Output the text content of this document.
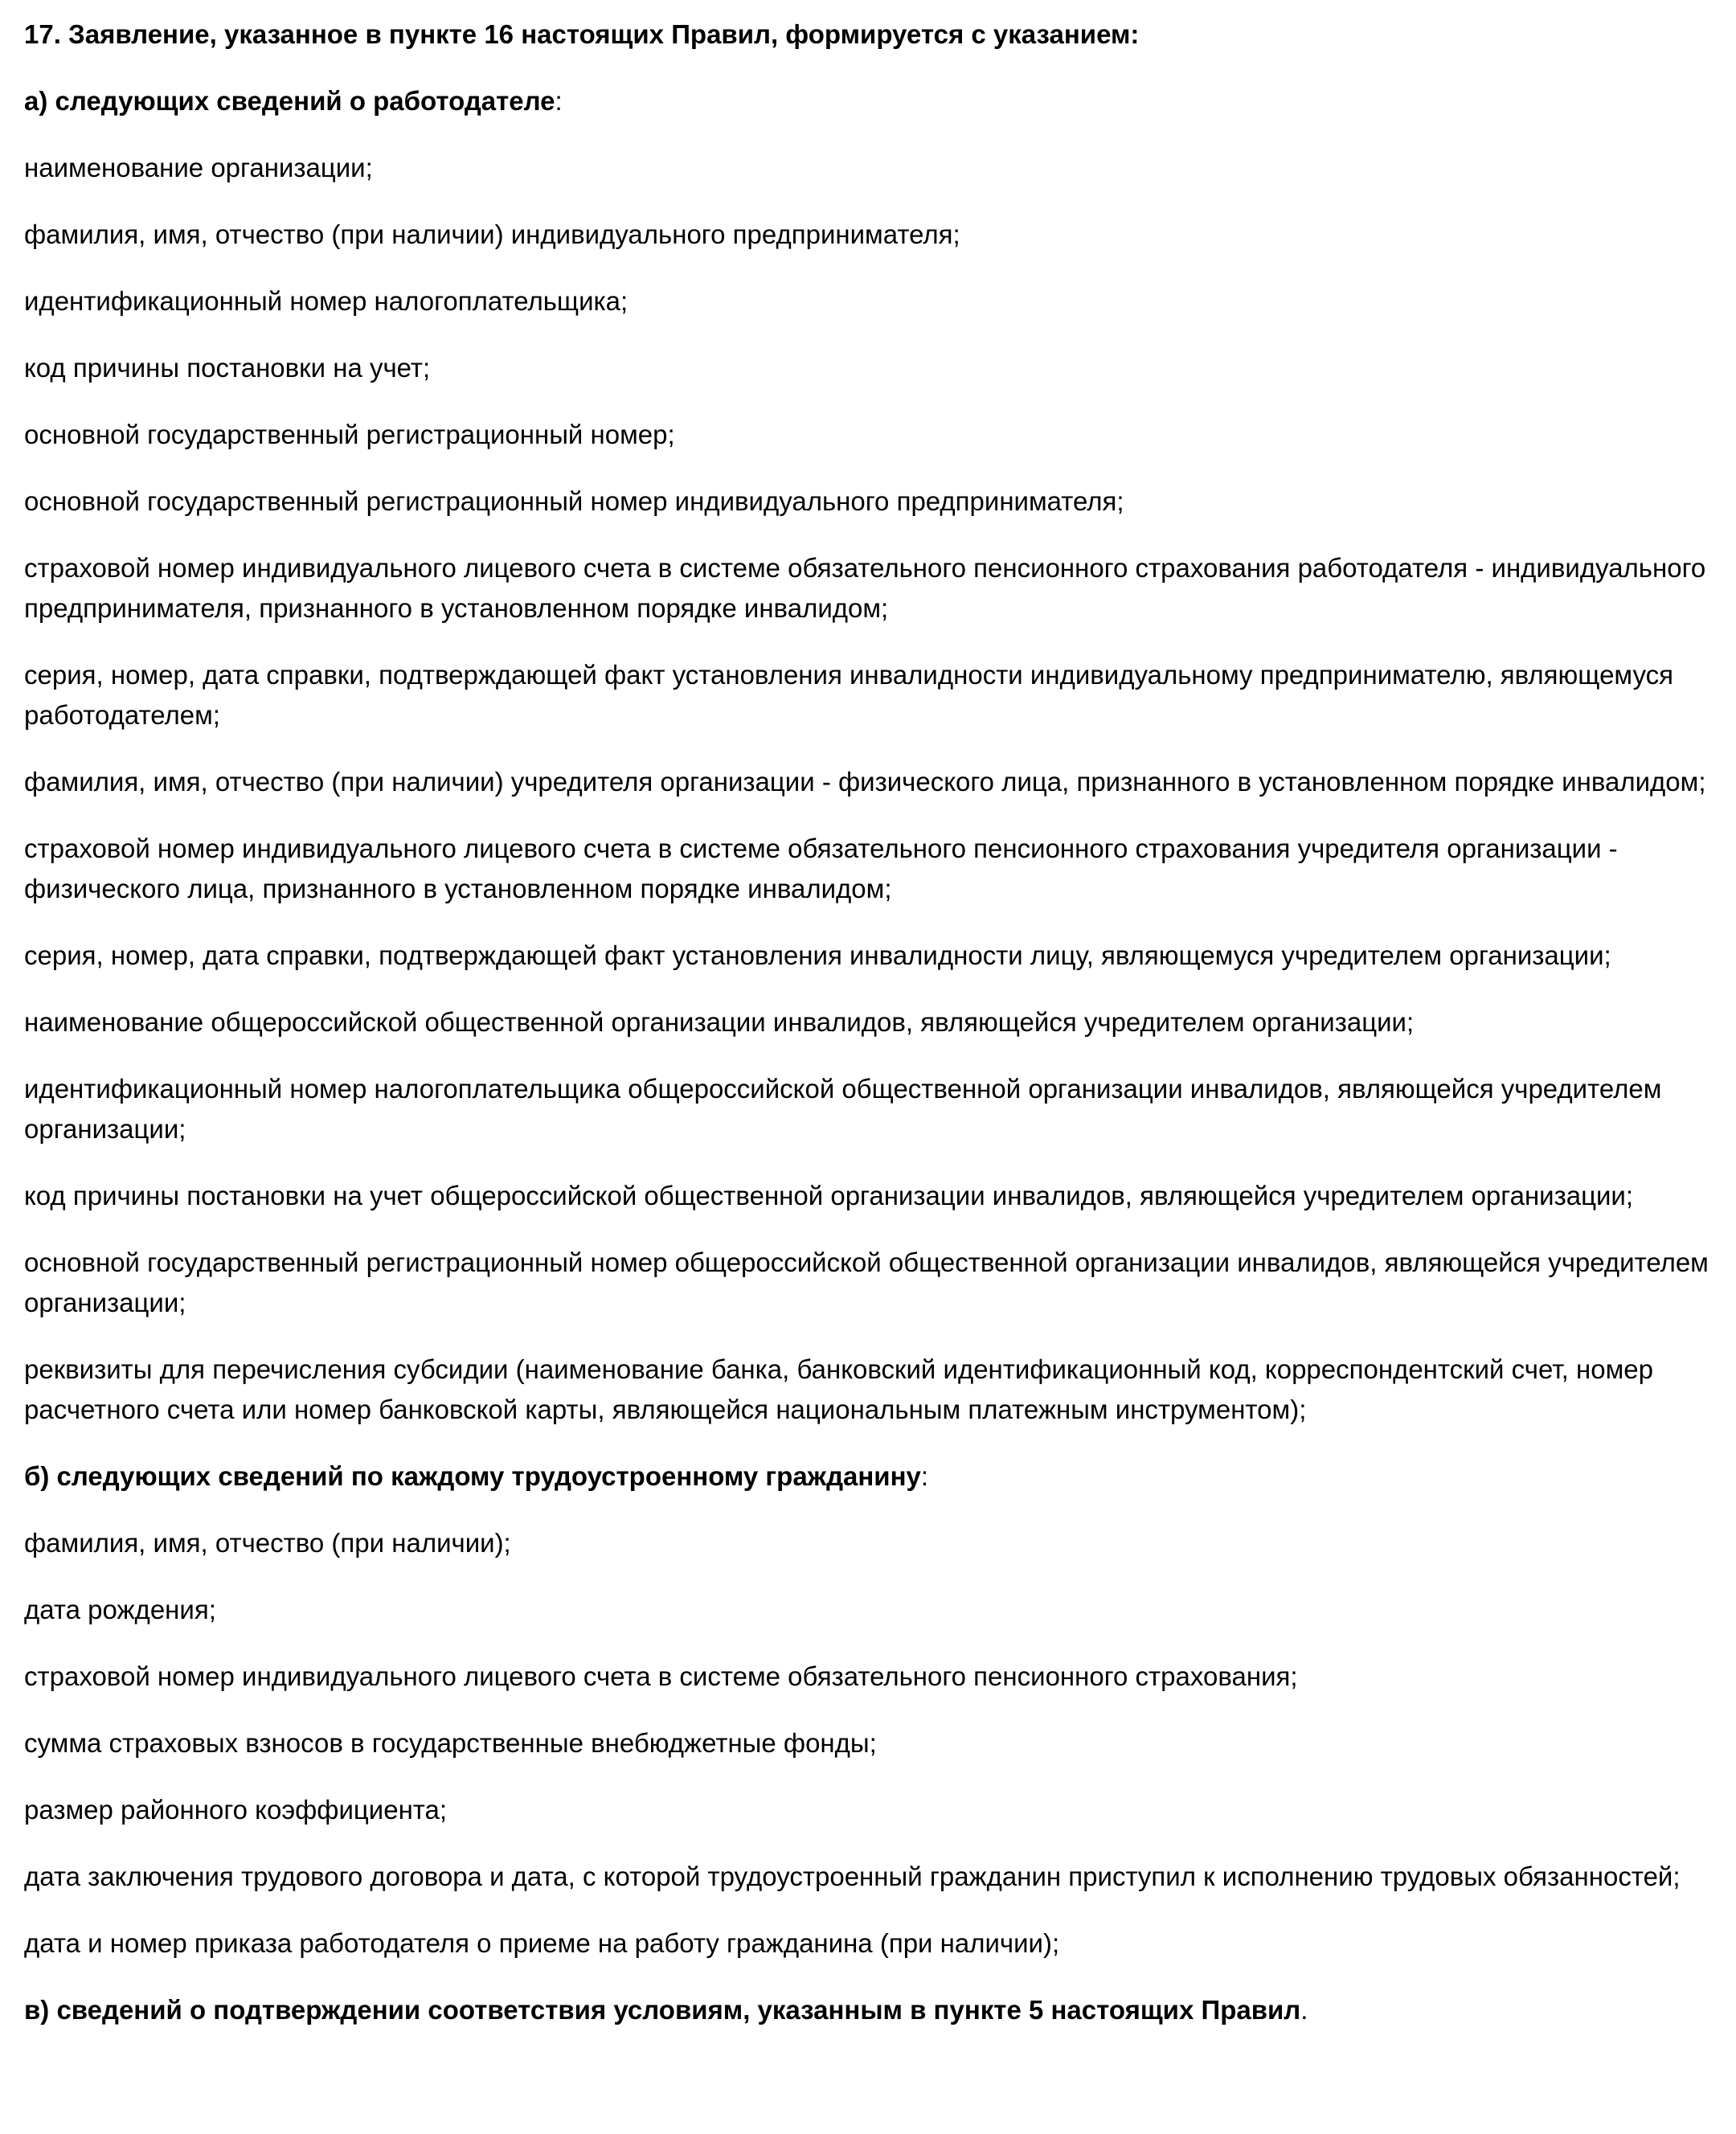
17. Заявление, указанное в пункте 16 настоящих Правил, формируется с указанием:

а) следующих сведений о работодателе:

наименование организации;

фамилия, имя, отчество (при наличии) индивидуального предпринимателя;

идентификационный номер налогоплательщика;

код причины постановки на учет;

основной государственный регистрационный номер;

основной государственный регистрационный номер индивидуального предпринимателя;

страховой номер индивидуального лицевого счета в системе обязательного пенсионного страхования работодателя - индивидуального предпринимателя, признанного в установленном порядке инвалидом;

серия, номер, дата справки, подтверждающей факт установления инвалидности индивидуальному предпринимателю, являющемуся работодателем;

фамилия, имя, отчество (при наличии) учредителя организации - физического лица, признанного в установленном порядке инвалидом;

страховой номер индивидуального лицевого счета в системе обязательного пенсионного страхования учредителя организации - физического лица, признанного в установленном порядке инвалидом;

серия, номер, дата справки, подтверждающей факт установления инвалидности лицу, являющемуся учредителем организации;

наименование общероссийской общественной организации инвалидов, являющейся учредителем организации;

идентификационный номер налогоплательщика общероссийской общественной организации инвалидов, являющейся учредителем организации;

код причины постановки на учет общероссийской общественной организации инвалидов, являющейся учредителем организации;

основной государственный регистрационный номер общероссийской общественной организации инвалидов, являющейся учредителем организации;

реквизиты для перечисления субсидии (наименование банка, банковский идентификационный код, корреспондентский счет, номер расчетного счета или номер банковской карты, являющейся национальным платежным инструментом);

б) следующих сведений по каждому трудоустроенному гражданину:

фамилия, имя, отчество (при наличии);

дата рождения;

страховой номер индивидуального лицевого счета в системе обязательного пенсионного страхования;

сумма страховых взносов в государственные внебюджетные фонды;

размер районного коэффициента;

дата заключения трудового договора и дата, с которой трудоустроенный гражданин приступил к исполнению трудовых обязанностей;

дата и номер приказа работодателя о приеме на работу гражданина (при наличии);

в) сведений о подтверждении соответствия условиям, указанным в пункте 5 настоящих Правил.
